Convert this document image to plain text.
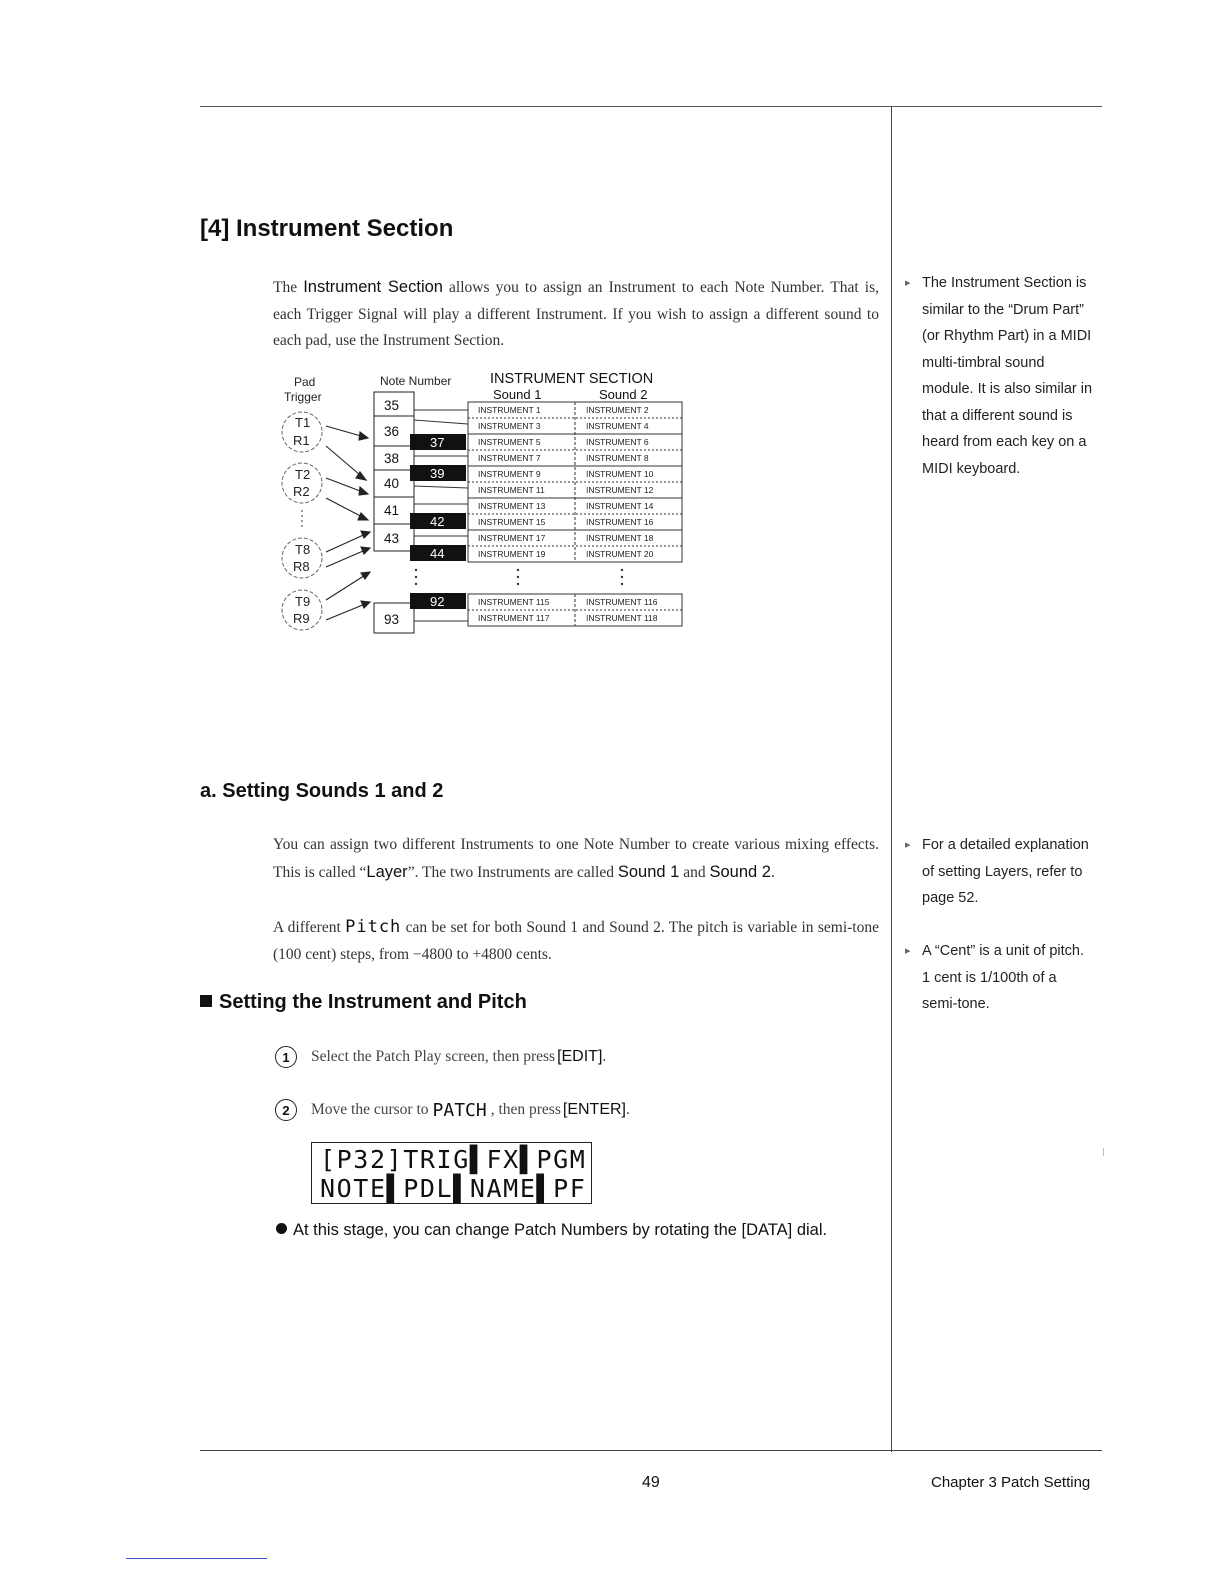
[4] Instrument Section
The Instrument Section allows you to assign an Instrument to each Note Number. That is, each Trigger Signal will play a different Instrument. If you wish to assign a different sound to each pad, use the Instrument Section.
Pad
Trigger
Note Number	INSTRUMENT SECTION
Sound 1	Sound 2
T1
R1
T2
R2
T8
R8
T9
R9
35
36
38
40
41
43
93
37
39
42
44
92
INSTRUMENT 1	INSTRUMENT 2
INSTRUMENT 3	INSTRUMENT 4
INSTRUMENT 5	INSTRUMENT 6
INSTRUMENT 7	INSTRUMENT 8
INSTRUMENT 9	INSTRUMENT 10
INSTRUMENT 11	INSTRUMENT 12
INSTRUMENT 13	INSTRUMENT 14
INSTRUMENT 15	INSTRUMENT 16
INSTRUMENT 17	INSTRUMENT 18
INSTRUMENT 19	INSTRUMENT 20
INSTRUMENT 115	INSTRUMENT 116
INSTRUMENT 117	INSTRUMENT 118
▸ The Instrument Section is similar to the “Drum Part” (or Rhythm Part) in a MIDI multi-timbral sound module. It is also similar in that a different sound is heard from each key on a MIDI keyboard.
▸ For a detailed explanation of setting Layers, refer to page 52.
▸ A “Cent” is a unit of pitch. 1 cent is 1/100th of a semi-tone.
a. Setting Sounds 1 and 2
You can assign two different Instruments to one Note Number to create various mixing effects. This is called “Layer”. The two Instruments are called Sound 1 and Sound 2.
A different Pitch can be set for both Sound 1 and Sound 2. The pitch is variable in semi-tone (100 cent) steps, from −4800 to +4800 cents.
Setting the Instrument and Pitch
1	Select the Patch Play screen, then press [EDIT] .
2	Move the cursor to PATCH , then press [ENTER] .
[P32]TRIG▌FX▌PGM
NOTE▌PDL▌NAME▌PF
At this stage, you can change Patch Numbers by rotating the [DATA] dial.
49	Chapter 3 Patch Setting
